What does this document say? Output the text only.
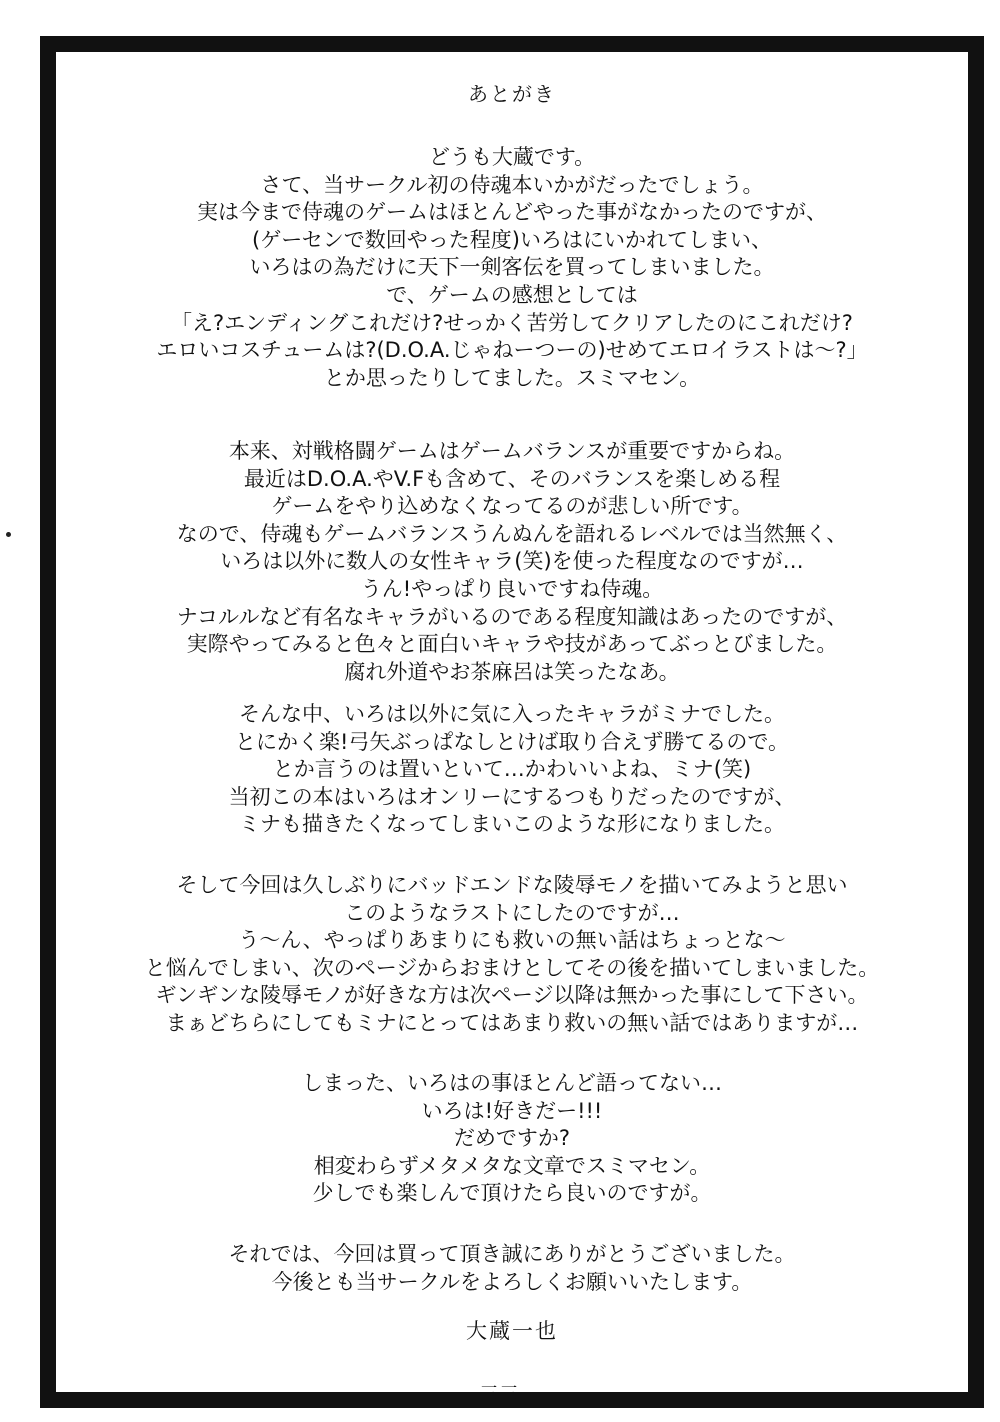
あとがき
どうも大蔵です。
さて、当サークル初の侍魂本いかがだったでしょう。
実は今まで侍魂のゲームはほとんどやった事がなかったのですが、
(ゲーセンで数回やった程度)いろはにいかれてしまい、
いろはの為だけに天下一剣客伝を買ってしまいました。
で、ゲームの感想としては
「え?エンディングこれだけ?せっかく苦労してクリアしたのにこれだけ?
エロいコスチュームは?(D.O.A.じゃねーつーの)せめてエロイラストは〜?」
とか思ったりしてました。スミマセン。
本来、対戦格闘ゲームはゲームバランスが重要ですからね。
最近はD.O.A.やV.Fも含めて、そのバランスを楽しめる程
ゲームをやり込めなくなってるのが悲しい所です。
なので、侍魂もゲームバランスうんぬんを語れるレベルでは当然無く、
いろは以外に数人の女性キャラ(笑)を使った程度なのですが…
うん!やっぱり良いですね侍魂。
ナコルルなど有名なキャラがいるのである程度知識はあったのですが、
実際やってみると色々と面白いキャラや技があってぶっとびました。
腐れ外道やお茶麻呂は笑ったなあ。
そんな中、いろは以外に気に入ったキャラがミナでした。
とにかく楽!弓矢ぶっぱなしとけば取り合えず勝てるので。
とか言うのは置いといて…かわいいよね、ミナ(笑)
当初この本はいろはオンリーにするつもりだったのですが、
ミナも描きたくなってしまいこのような形になりました。
そして今回は久しぶりにバッドエンドな陵辱モノを描いてみようと思い
このようなラストにしたのですが…
う〜ん、やっぱりあまりにも救いの無い話はちょっとな〜
と悩んでしまい、次のページからおまけとしてその後を描いてしまいました。
ギンギンな陵辱モノが好きな方は次ページ以降は無かった事にして下さい。
まぁどちらにしてもミナにとってはあまり救いの無い話ではありますが…
しまった、いろはの事ほとんど語ってない…
いろは!好きだー!!!
だめですか?
相変わらずメタメタな文章でスミマセン。
少しでも楽しんで頂けたら良いのですが。
それでは、今回は買って頂き誠にありがとうございました。
今後とも当サークルをよろしくお願いいたします。
大蔵一也
三三
